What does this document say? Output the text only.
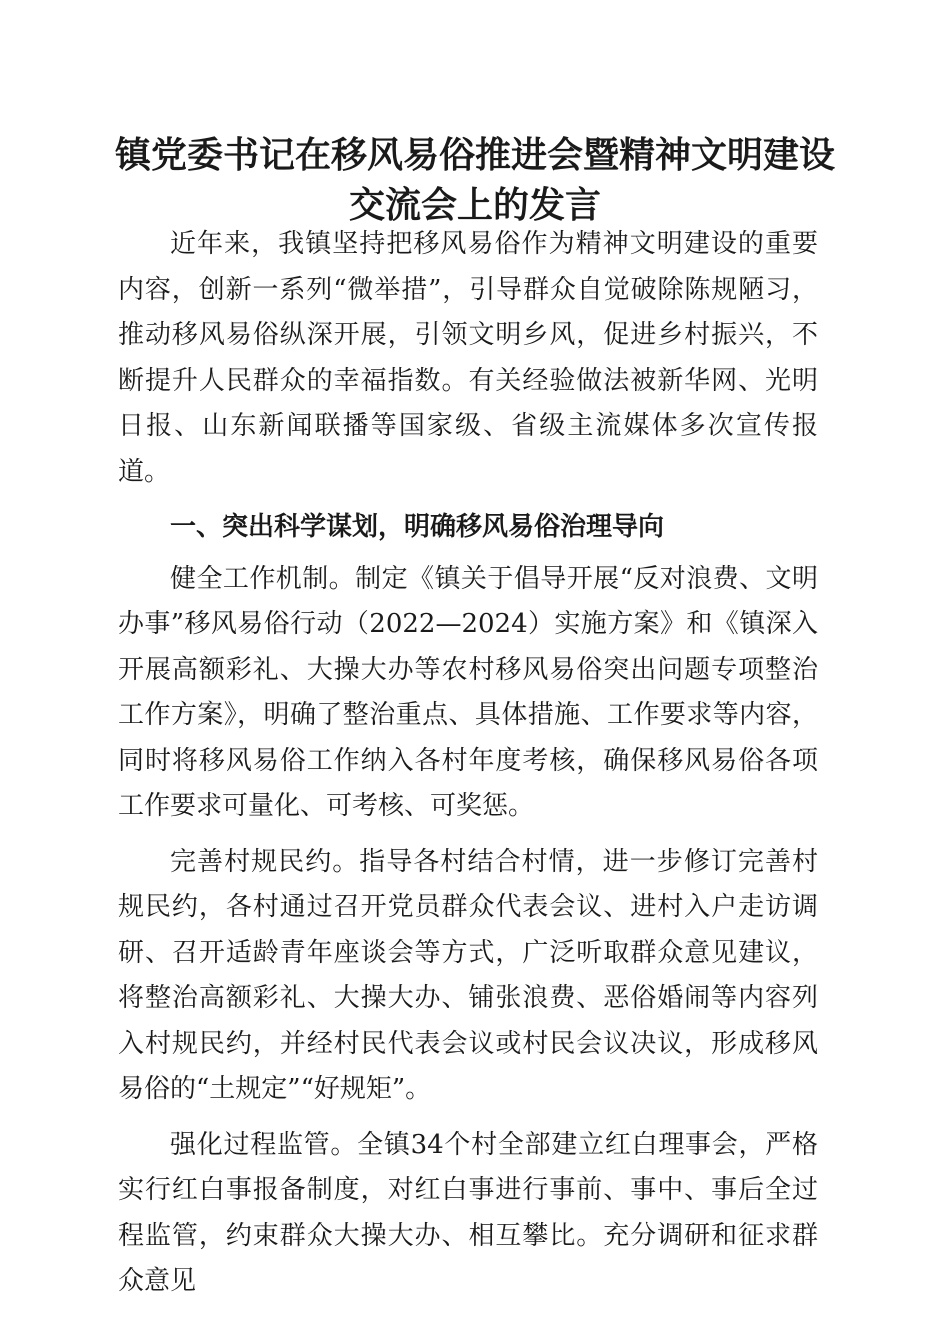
镇党委书记在移风易俗推进会暨精神文明建设
交流会上的发言

近年来，我镇坚持把移风易俗作为精神文明建设的重要内容，创新一系列“微举措”，引导群众自觉破除陈规陋习，推动移风易俗纵深开展，引领文明乡风，促进乡村振兴，不断提升人民群众的幸福指数。有关经验做法被新华网、光明日报、山东新闻联播等国家级、省级主流媒体多次宣传报道。

一、突出科学谋划，明确移风易俗治理导向

健全工作机制。制定《镇关于倡导开展“反对浪费、文明办事”移风易俗行动（2022—2024）实施方案》和《镇深入开展高额彩礼、大操大办等农村移风易俗突出问题专项整治工作方案》，明确了整治重点、具体措施、工作要求等内容，同时将移风易俗工作纳入各村年度考核，确保移风易俗各项工作要求可量化、可考核、可奖惩。

完善村规民约。指导各村结合村情，进一步修订完善村规民约，各村通过召开党员群众代表会议、进村入户走访调研、召开适龄青年座谈会等方式，广泛听取群众意见建议，将整治高额彩礼、大操大办、铺张浪费、恶俗婚闹等内容列入村规民约，并经村民代表会议或村民会议决议，形成移风易俗的“土规定”“好规矩”。

强化过程监管。全镇34个村全部建立红白理事会，严格实行红白事报备制度，对红白事进行事前、事中、事后全过程监管，约束群众大操大办、相互攀比。充分调研和征求群众意见
